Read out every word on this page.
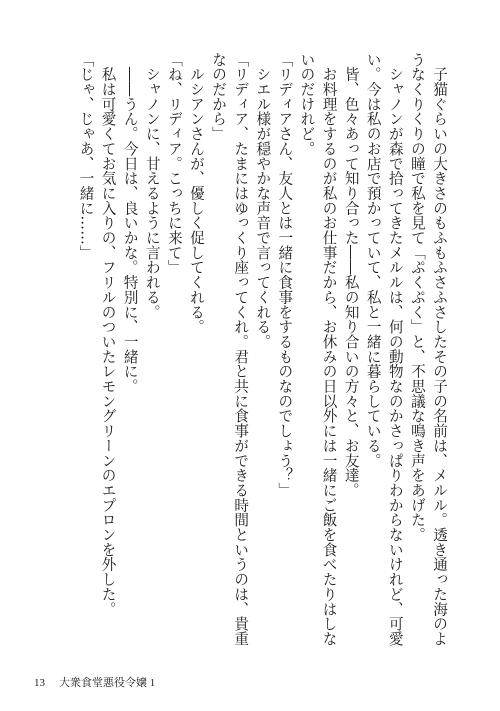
　子猫ぐらいの大きさのもふもふさふさしたその子の名前は、メルル。透き通った海のようなくりくりの瞳で私を見て「ぷくぷく」と、不思議な鳴き声をあげた。

　シャノンが森で拾ってきたメルルは、何の動物なのかさっぱりわからないけれど、可愛い。今は私のお店で預かっていて、私と一緒に暮らしている。

　皆、色々あって知り合った――私の知り合いの方々と、お友達。

　お料理をするのが私のお仕事だから、お休みの日以外には一緒にご飯を食べたりはしないのだけれど。

「リディアさん、友人とは一緒に食事をするものなのでしょう？」

　シエル様が穏やかな声音で言ってくれる。

「リディア、たまにはゆっくり座ってくれ。君と共に食事ができる時間というのは、貴重なのだから」

　ルシアンさんが、優しく促してくれる。

「ね、リディア。こっちに来て」

　シャノンに、甘えるように言われる。

　――うん。今日は、良いかな。特別に、一緒に。

　私は可愛くてお気に入りの、フリルのついたレモングリーンのエプロンを外した。

「じゃ、じゃあ、一緒に……」

13 大衆食堂悪役令嬢 1
